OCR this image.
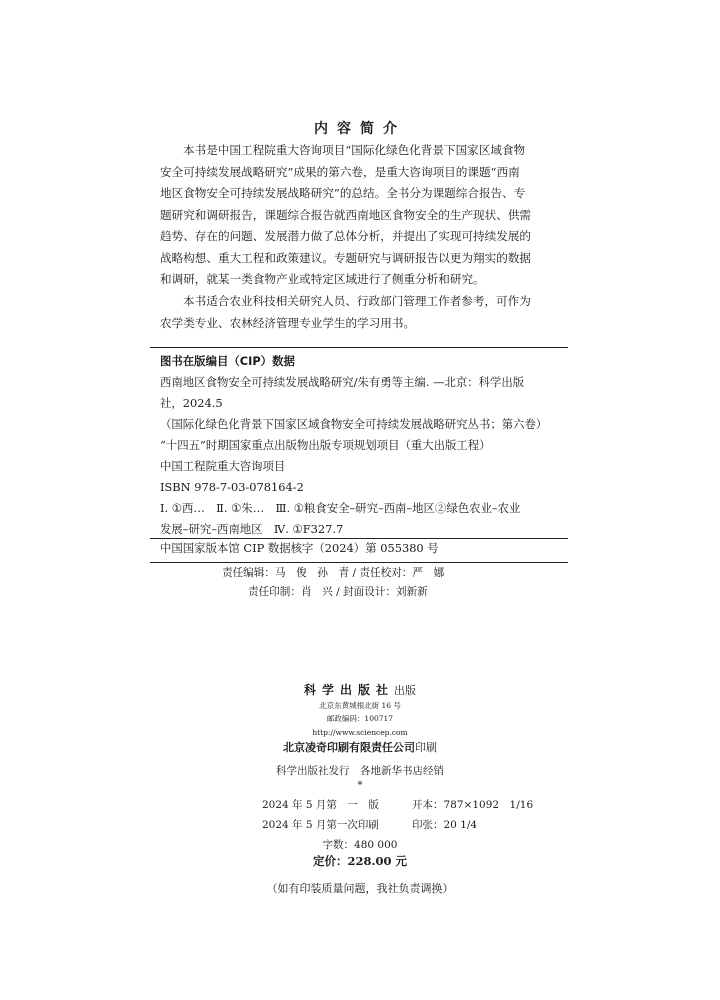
内容简介
本书是中国工程院重大咨询项目“国际化绿色化背景下国家区域食物
安全可持续发展战略研究”成果的第六卷，是重大咨询项目的课题“西南
地区食物安全可持续发展战略研究”的总结。全书分为课题综合报告、专
题研究和调研报告，课题综合报告就西南地区食物安全的生产现状、供需
趋势、存在的问题、发展潜力做了总体分析，并提出了实现可持续发展的
战略构想、重大工程和政策建议。专题研究与调研报告以更为翔实的数据
和调研，就某一类食物产业或特定区域进行了侧重分析和研究。
本书适合农业科技相关研究人员、行政部门管理工作者参考，可作为
农学类专业、农林经济管理专业学生的学习用书。
图书在版编目（CIP）数据
西南地区食物安全可持续发展战略研究/朱有勇等主编. —北京：科学出版
社，2024.5
（国际化绿色化背景下国家区域食物安全可持续发展战略研究丛书；第六卷）
“十四五”时期国家重点出版物出版专项规划项目（重大出版工程）
中国工程院重大咨询项目
ISBN 978-7-03-078164-2
Ⅰ. ①西…　Ⅱ. ①朱…　Ⅲ. ①粮食安全–研究–西南–地区②绿色农业–农业
发展–研究–西南地区　Ⅳ. ①F327.7
中国国家版本馆 CIP 数据核字（2024）第 055380 号
责任编辑：马　俊　孙　青 / 责任校对：严　娜
责任印制：肖　兴 / 封面设计：刘新新
科学出版社出版
北京东黄城根北街 16 号
邮政编码：100717
http://www.sciencep.com
北京凌奇印刷有限责任公司印刷
科学出版社发行　各地新华书店经销
*
2024 年 5 月第　一　版	开本：787×1092　1/16
2024 年 5 月第一次印刷	印张：20 1/4
字数：480 000
定价：228.00 元
（如有印装质量问题，我社负责调换）
